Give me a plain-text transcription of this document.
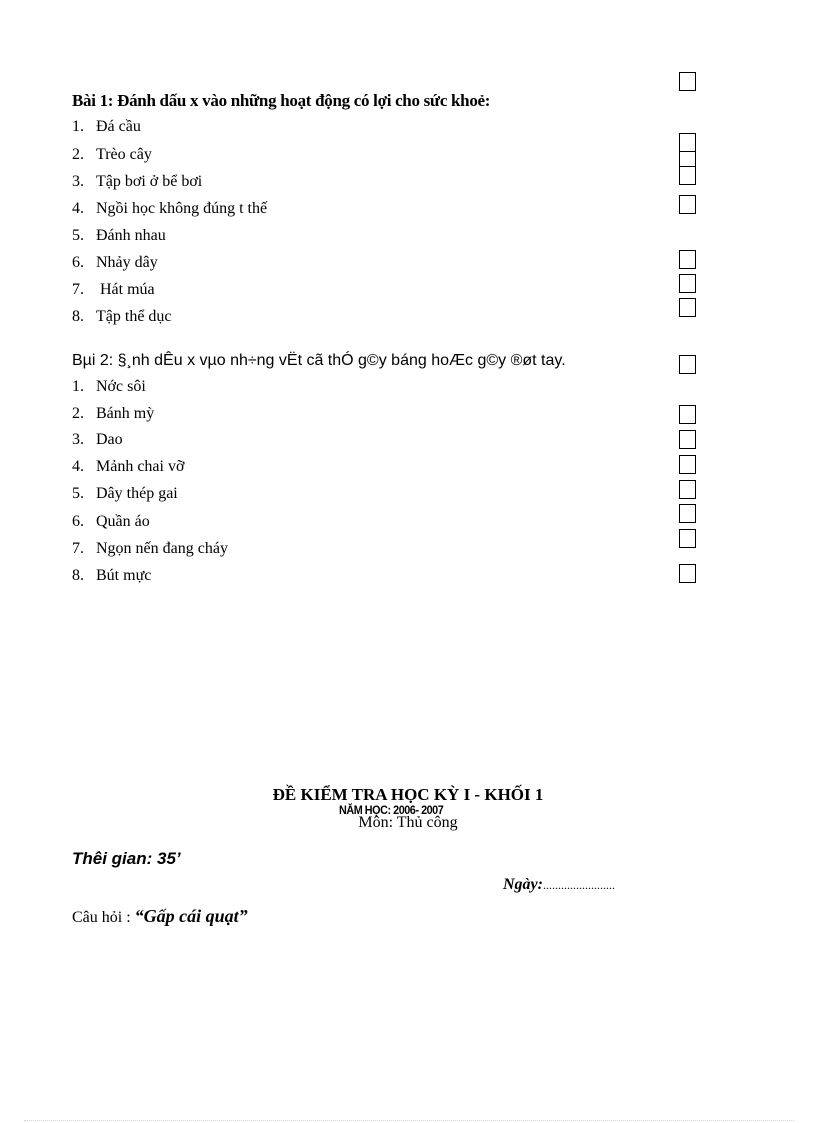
Bài 1: Đánh dấu x vào những hoạt động có lợi cho sức khoẻ:
1. Đá cầu
2. Trèo cây
3. Tập bơi ở bể bơi
4. Ngồi học không đúng t thế
5. Đánh nhau
6. Nhảy dây
7. Hát múa
8. Tập thể dục
Bµi 2: §¸nh dÊu x vµo nh÷ng vËt cã thÓ g©y báng hoÆc g©y ®øt tay.
1. Nớc sôi
2. Bánh mỳ
3. Dao
4. Mảnh chai vỡ
5. Dây thép gai
6. Quần áo
7. Ngọn nến đang cháy
8. Bút mực
ĐỀ KIỂM TRA HỌC KỲ I - KHỐI 1
NĂM HỌC: 2006- 2007
Môn: Thủ công
Thêi gian: 35’
Ngày:........................
Câu hỏi : “Gấp cái quạt”
